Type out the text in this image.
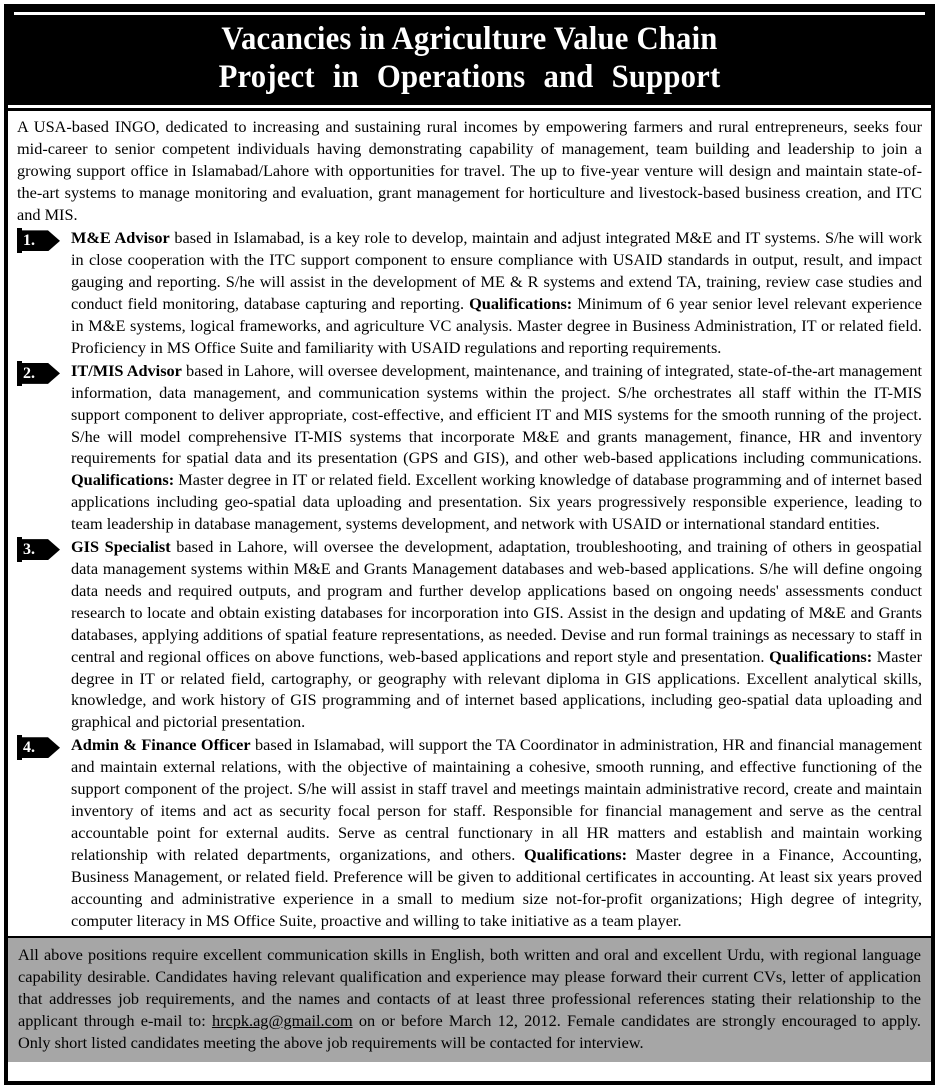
Vacancies in Agriculture Value Chain
Project in Operations and Support

A USA-based INGO, dedicated to increasing and sustaining rural incomes by empowering farmers and rural entrepreneurs, seeks four mid-career to senior competent individuals having demonstrating capability of management, team building and leadership to join a growing support office in Islamabad/Lahore with opportunities for travel. The up to five-year venture will design and maintain state-of-the-art systems to manage monitoring and evaluation, grant management for horticulture and livestock-based business creation, and ITC and MIS.

1. M&E Advisor based in Islamabad, is a key role to develop, maintain and adjust integrated M&E and IT systems. S/he will work in close cooperation with the ITC support component to ensure compliance with USAID standards in output, result, and impact gauging and reporting. S/he will assist in the development of ME & R systems and extend TA, training, review case studies and conduct field monitoring, database capturing and reporting. Qualifications: Minimum of 6 year senior level relevant experience in M&E systems, logical frameworks, and agriculture VC analysis. Master degree in Business Administration, IT or related field. Proficiency in MS Office Suite and familiarity with USAID regulations and reporting requirements.

2. IT/MIS Advisor based in Lahore, will oversee development, maintenance, and training of integrated, state-of-the-art management information, data management, and communication systems within the project. S/he orchestrates all staff within the IT-MIS support component to deliver appropriate, cost-effective, and efficient IT and MIS systems for the smooth running of the project. S/he will model comprehensive IT-MIS systems that incorporate M&E and grants management, finance, HR and inventory requirements for spatial data and its presentation (GPS and GIS), and other web-based applications including communications. Qualifications: Master degree in IT or related field. Excellent working knowledge of database programming and of internet based applications including geo-spatial data uploading and presentation. Six years progressively responsible experience, leading to team leadership in database management, systems development, and network with USAID or international standard entities.

3. GIS Specialist based in Lahore, will oversee the development, adaptation, troubleshooting, and training of others in geospatial data management systems within M&E and Grants Management databases and web-based applications. S/he will define ongoing data needs and required outputs, and program and further develop applications based on ongoing needs' assessments conduct research to locate and obtain existing databases for incorporation into GIS. Assist in the design and updating of M&E and Grants databases, applying additions of spatial feature representations, as needed. Devise and run formal trainings as necessary to staff in central and regional offices on above functions, web-based applications and report style and presentation. Qualifications: Master degree in IT or related field, cartography, or geography with relevant diploma in GIS applications. Excellent analytical skills, knowledge, and work history of GIS programming and of internet based applications, including geo-spatial data uploading and graphical and pictorial presentation.

4. Admin & Finance Officer based in Islamabad, will support the TA Coordinator in administration, HR and financial management and maintain external relations, with the objective of maintaining a cohesive, smooth running, and effective functioning of the support component of the project. S/he will assist in staff travel and meetings maintain administrative record, create and maintain inventory of items and act as security focal person for staff. Responsible for financial management and serve as the central accountable point for external audits. Serve as central functionary in all HR matters and establish and maintain working relationship with related departments, organizations, and others. Qualifications: Master degree in a Finance, Accounting, Business Management, or related field. Preference will be given to additional certificates in accounting. At least six years proved accounting and administrative experience in a small to medium size not-for-profit organizations; High degree of integrity, computer literacy in MS Office Suite, proactive and willing to take initiative as a team player.

All above positions require excellent communication skills in English, both written and oral and excellent Urdu, with regional language capability desirable. Candidates having relevant qualification and experience may please forward their current CVs, letter of application that addresses job requirements, and the names and contacts of at least three professional references stating their relationship to the applicant through e-mail to: hrcpk.ag@gmail.com on or before March 12, 2012. Female candidates are strongly encouraged to apply. Only short listed candidates meeting the above job requirements will be contacted for interview.
